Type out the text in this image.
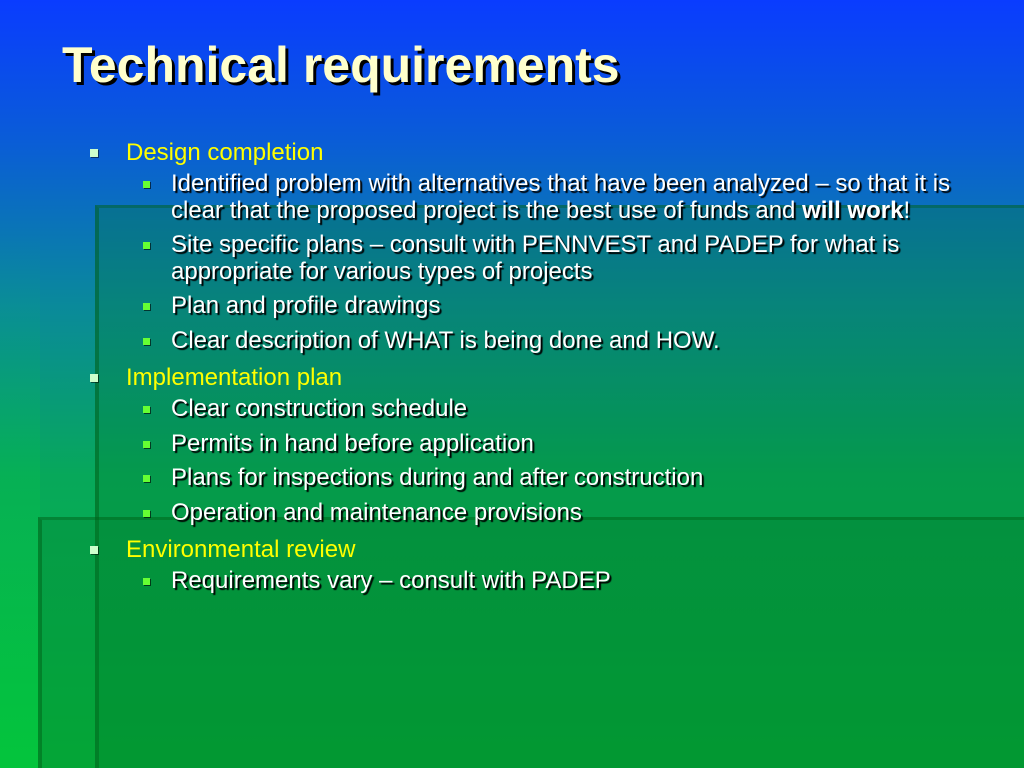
Technical requirements
Design completion
Identified problem with alternatives that have been analyzed – so that it is clear that the proposed project is the best use of funds and will work!
Site specific plans – consult with PENNVEST and PADEP for what is appropriate for various types of projects
Plan and profile drawings
Clear description of WHAT is being done and HOW.
Implementation plan
Clear construction schedule
Permits in hand before application
Plans for inspections during and after construction
Operation and maintenance provisions
Environmental review
Requirements vary – consult with PADEP
